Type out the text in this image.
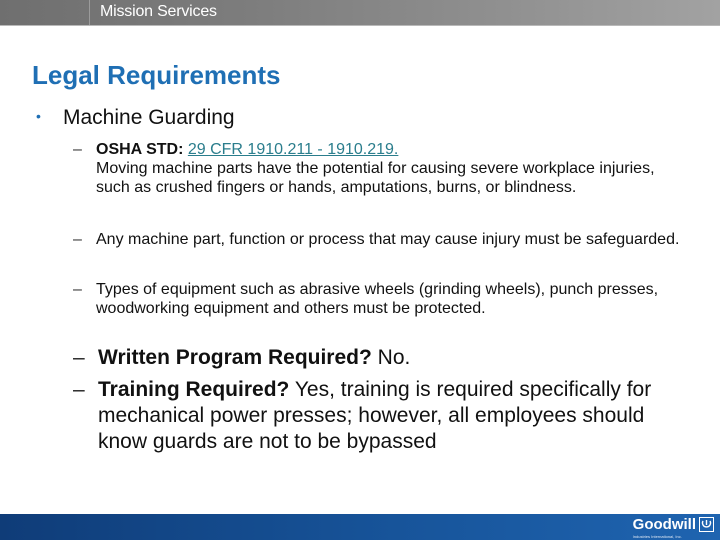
Mission Services
Legal Requirements
• Machine Guarding
– OSHA STD: 29 CFR 1910.211 - 1910.219.
Moving machine parts have the potential for causing severe workplace injuries, such as crushed fingers or hands, amputations, burns, or blindness.
– Any machine part, function or process that may cause injury must be safeguarded.
– Types of equipment such as abrasive wheels (grinding wheels), punch presses, woodworking equipment and others must be protected.
– Written Program Required? No.
– Training Required? Yes, training is required specifically for mechanical power presses; however, all employees should know guards are not to be bypassed
Goodwill
Industries International, Inc.
